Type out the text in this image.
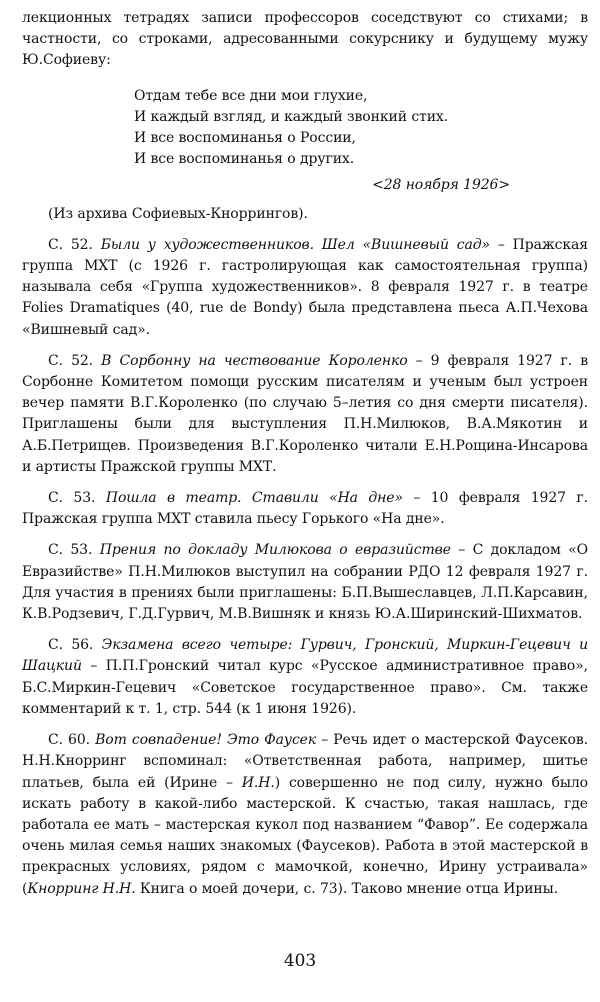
лекционных тетрадях записи профессоров соседствуют со стихами; в частности, со строками, адресованными сокурснику и будущему мужу Ю.Софиеву:

Отдам тебе все дни мои глухие,
И каждый взгляд, и каждый звонкий стих.
И все воспоминанья о России,
И все воспоминанья о других.

<28 ноября 1926>

(Из архива Софиевых-Кноррингов).

С. 52. Были у художественников. Шел «Вишневый сад» – Пражская группа МХТ (с 1926 г. гастролирующая как самостоятельная группа) называла себя «Группа художественников». 8 февраля 1927 г. в театре Folies Dramatiques (40, rue de Bondy) была представлена пьеса А.П.Чехова «Вишневый сад».

С. 52. В Сорбонну на чествование Короленко – 9 февраля 1927 г. в Сорбонне Комитетом помощи русским писателям и ученым был устроен вечер памяти В.Г.Короленко (по случаю 5–летия со дня смерти писателя). Приглашены были для выступления П.Н.Милюков, В.А.Мякотин и А.Б.Петрищев. Произведения В.Г.Короленко читали Е.Н.Рощина-Инсарова и артисты Пражской группы МХТ.

С. 53. Пошла в театр. Ставили «На дне» – 10 февраля 1927 г. Пражская группа МХТ ставила пьесу Горького «На дне».

С. 53. Прения по докладу Милюкова о евразийстве – С докладом «О Евразийстве» П.Н.Милюков выступил на собрании РДО 12 февраля 1927 г. Для участия в прениях были приглашены: Б.П.Вышеславцев, Л.П.Карсавин, К.В.Родзевич, Г.Д.Гурвич, М.В.Вишняк и князь Ю.А.Ширинский-Шихматов.

С. 56. Экзамена всего четыре: Гурвич, Гронский, Миркин-Гецевич и Шацкий – П.П.Гронский читал курс «Русское административное право», Б.С.Миркин-Гецевич «Советское государственное право». См. также комментарий к т. 1, стр. 544 (к 1 июня 1926).

С. 60. Вот совпадение! Это Фаусек – Речь идет о мастерской Фаусеков. Н.Н.Кнорринг вспоминал: «Ответственная работа, например, шитье платьев, была ей (Ирине – И.Н.) совершенно не под силу, нужно было искать работу в какой-либо мастерской. К счастью, такая нашлась, где работала ее мать – мастерская кукол под названием “Фавор”. Ее содержала очень милая семья наших знакомых (Фаусеков). Работа в этой мастерской в прекрасных условиях, рядом с мамочкой, конечно, Ирину устраивала» (Кнорринг Н.Н. Книга о моей дочери, с. 73). Таково мнение отца Ирины.

403
